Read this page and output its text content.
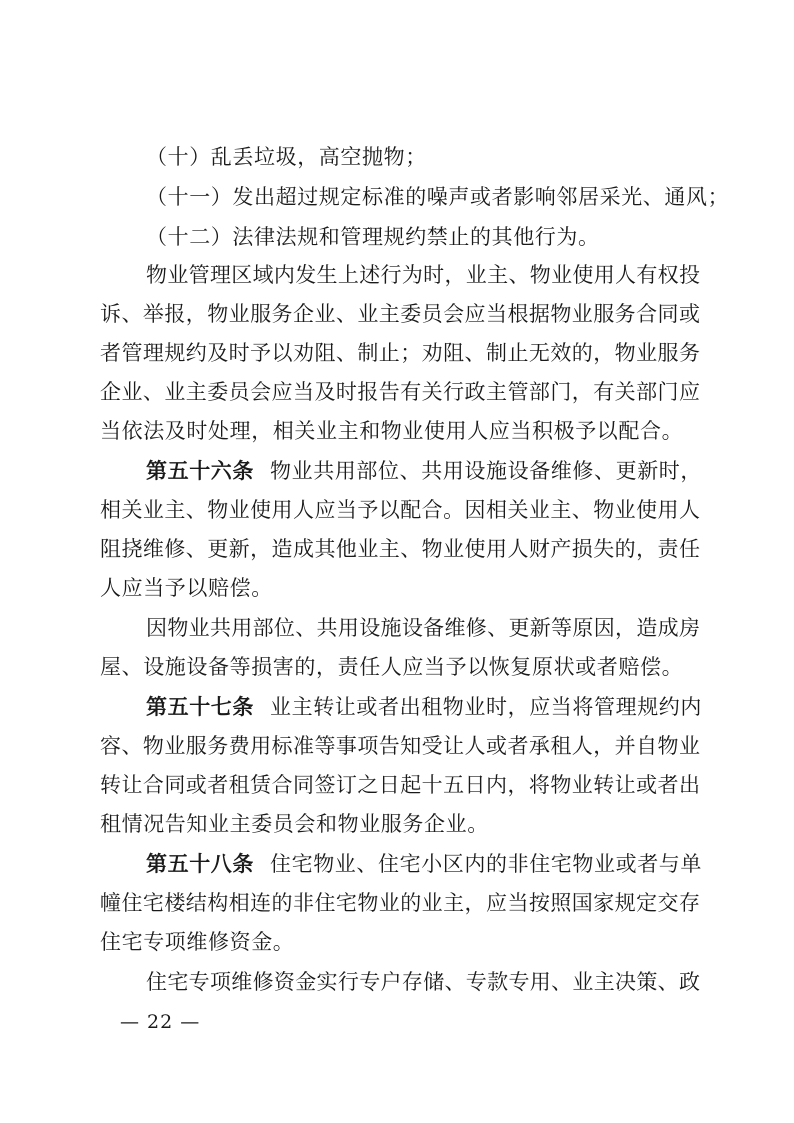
（十）乱丢垃圾，高空抛物；
（十一）发出超过规定标准的噪声或者影响邻居采光、通风；
（十二）法律法规和管理规约禁止的其他行为。
物业管理区域内发生上述行为时，业主、物业使用人有权投
诉、举报，物业服务企业、业主委员会应当根据物业服务合同或
者管理规约及时予以劝阻、制止；劝阻、制止无效的，物业服务
企业、业主委员会应当及时报告有关行政主管部门，有关部门应
当依法及时处理，相关业主和物业使用人应当积极予以配合。
第五十六条 物业共用部位、共用设施设备维修、更新时，
相关业主、物业使用人应当予以配合。因相关业主、物业使用人
阻挠维修、更新，造成其他业主、物业使用人财产损失的，责任
人应当予以赔偿。
因物业共用部位、共用设施设备维修、更新等原因，造成房
屋、设施设备等损害的，责任人应当予以恢复原状或者赔偿。
第五十七条 业主转让或者出租物业时，应当将管理规约内
容、物业服务费用标准等事项告知受让人或者承租人，并自物业
转让合同或者租赁合同签订之日起十五日内，将物业转让或者出
租情况告知业主委员会和物业服务企业。
第五十八条 住宅物业、住宅小区内的非住宅物业或者与单
幢住宅楼结构相连的非住宅物业的业主，应当按照国家规定交存
住宅专项维修资金。
住宅专项维修资金实行专户存储、专款专用、业主决策、政
— 22 —
